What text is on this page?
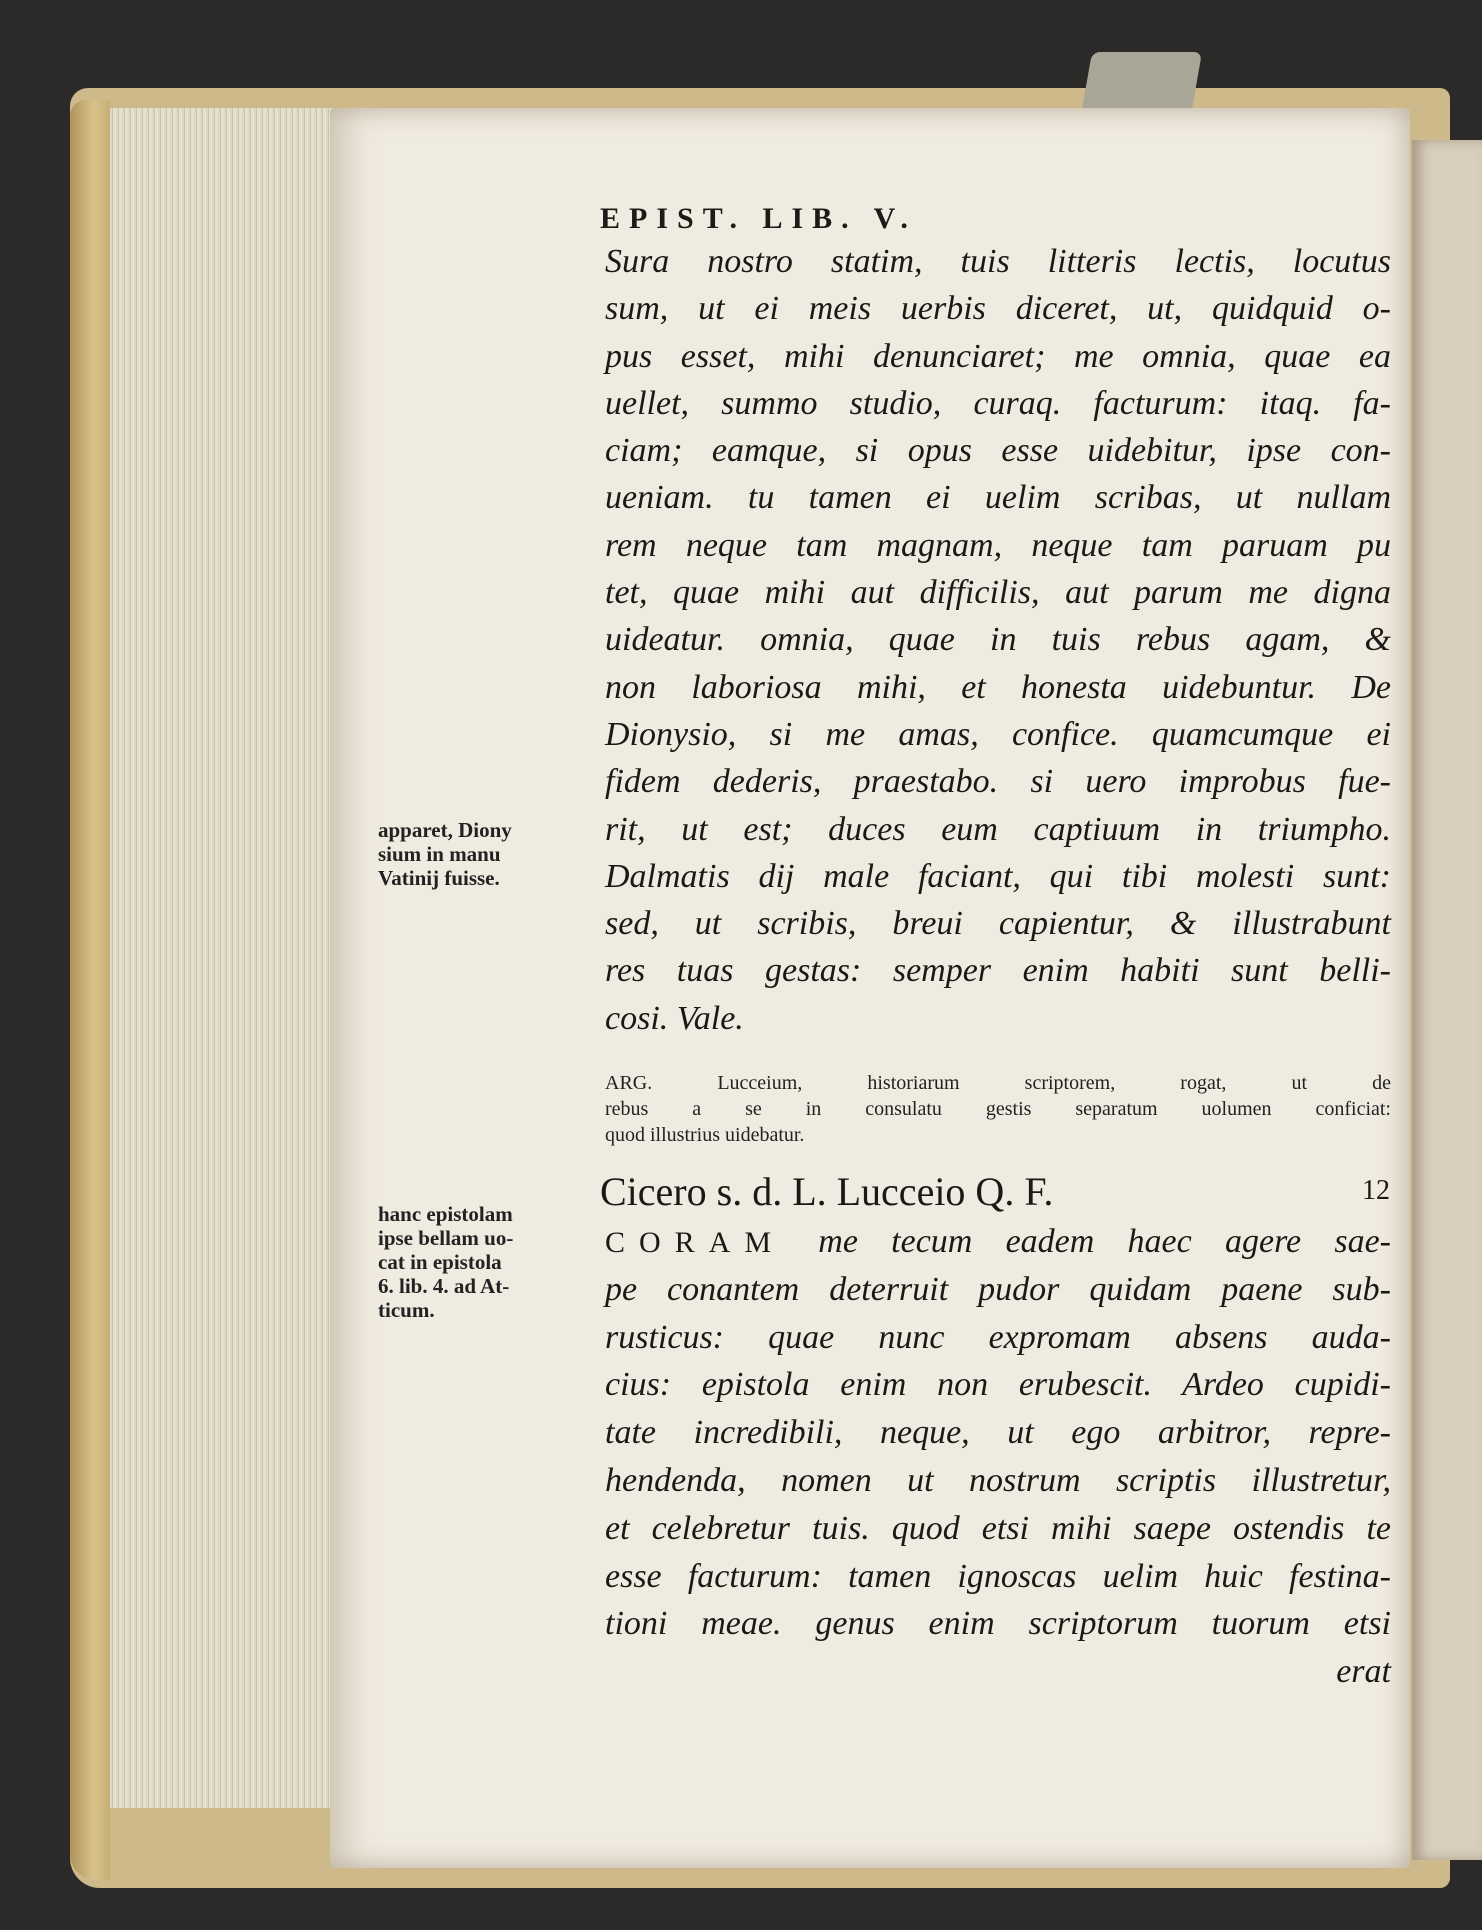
EPIST. LIB. V.
Sura nostro statim, tuis litteris lectis, locutus
sum, ut ei meis uerbis diceret, ut, quidquid o-
pus esset, mihi denunciaret; me omnia, quae ea
uellet, summo studio, curaq. facturum: itaq. fa-
ciam; eamque, si opus esse uidebitur, ipse con-
ueniam. tu tamen ei uelim scribas, ut nullam
rem neque tam magnam, neque tam paruam pu
tet, quae mihi aut difficilis, aut parum me digna
uideatur. omnia, quae in tuis rebus agam, &
non laboriosa mihi, et honesta uidebuntur. De
Dionysio, si me amas, confice. quamcumque ei
fidem dederis, praestabo. si uero improbus fue-
rit, ut est; duces eum captiuum in triumpho.
Dalmatis dij male faciant, qui tibi molesti sunt:
sed, ut scribis, breui capientur, & illustrabunt
res tuas gestas: semper enim habiti sunt belli-
cosi. Vale.
ARG. Lucceium, historiarum scriptorem, rogat, ut de
rebus a se in consulatu gestis separatum uolumen conficiat:
quod illustrius uidebatur.
Cicero s. d. L. Lucceio Q. F.	12
CORAM me tecum eadem haec agere sae-
pe conantem deterruit pudor quidam paene sub-
rusticus: quae nunc expromam absens auda-
cius: epistola enim non erubescit. Ardeo cupidi-
tate incredibili, neque, ut ego arbitror, repre-
hendenda, nomen ut nostrum scriptis illustretur,
et celebretur tuis. quod etsi mihi saepe ostendis te
esse facturum: tamen ignoscas uelim huic festina-
tioni meae. genus enim scriptorum tuorum etsi
erat
apparet, Diony
sium in manu
Vatinij fuisse.
hanc epistolam
ipse bellam uo-
cat in epistola
6. lib. 4. ad At-
ticum.
